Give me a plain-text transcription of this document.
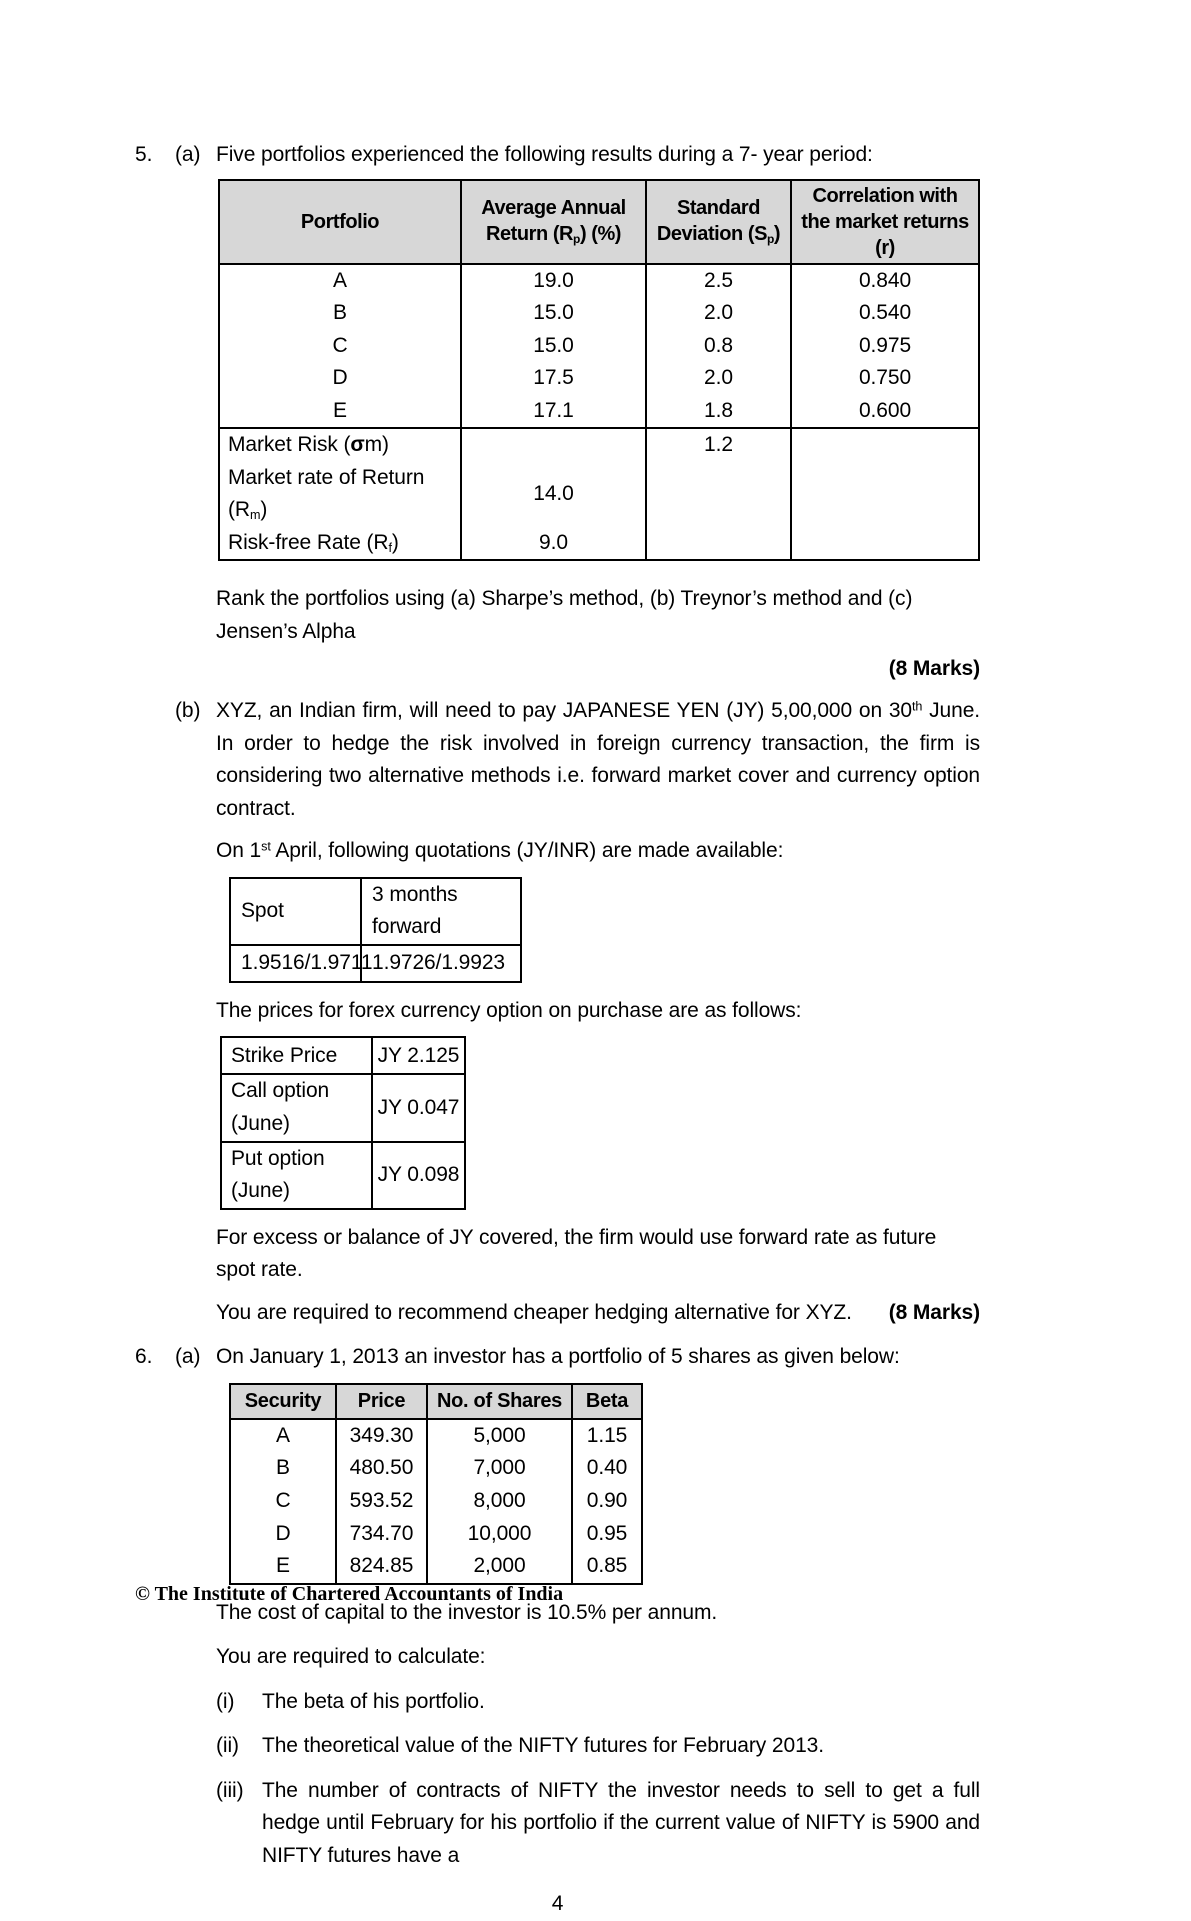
5.	(a) Five portfolios experienced the following results during a 7- year period:

Portfolio	Average Annual Return $(R_p)$ (%)	Standard Deviation $(S_p)$	Correlation with the market returns (r)
A	19.0	2.5	0.840
B	15.0	2.0	0.540
C	15.0	0.8	0.975
D	17.5	2.0	0.750
E	17.1	1.8	0.600
Market Risk (σm)		1.2	
Market rate of Return $(R_m)$	14.0		
Risk-free Rate $(R_f)$	9.0		

Rank the portfolios using (a) Sharpe’s method, (b) Treynor’s method and (c) Jensen’s Alpha

(8 Marks)
(b) XYZ, an Indian firm, will need to pay JAPANESE YEN (JY) 5,00,000 on 30th June. In order to hedge the risk involved in foreign currency transaction, the firm is considering two alternative methods i.e. forward market cover and currency option contract.

On 1st April, following quotations (JY/INR) are made available:

Spot	3 months forward
1.9516/1.9711	1.9726/1.9923

The prices for forex currency option on purchase are as follows:

Strike Price	JY 2.125
Call option (June)	JY 0.047
Put option (June)	JY 0.098

For excess or balance of JY covered, the firm would use forward rate as future spot rate.

You are required to recommend cheaper hedging alternative for XYZ. (8 Marks)
6.	(a) On January 1, 2013 an investor has a portfolio of 5 shares as given below:

Security	Price	No. of Shares	Beta
A	349.30	5,000	1.15
B	480.50	7,000	0.40
C	593.52	8,000	0.90
D	734.70	10,000	0.95
E	824.85	2,000	0.85

The cost of capital to the investor is 10.5% per annum.

You are required to calculate:

(i)	The beta of his portfolio.
(ii)	The theoretical value of the NIFTY futures for February 2013.
(iii) The number of contracts of NIFTY the investor needs to sell to get a full hedge until February for his portfolio if the current value of NIFTY is 5900 and NIFTY futures have a
4
© The Institute of Chartered Accountants of India
